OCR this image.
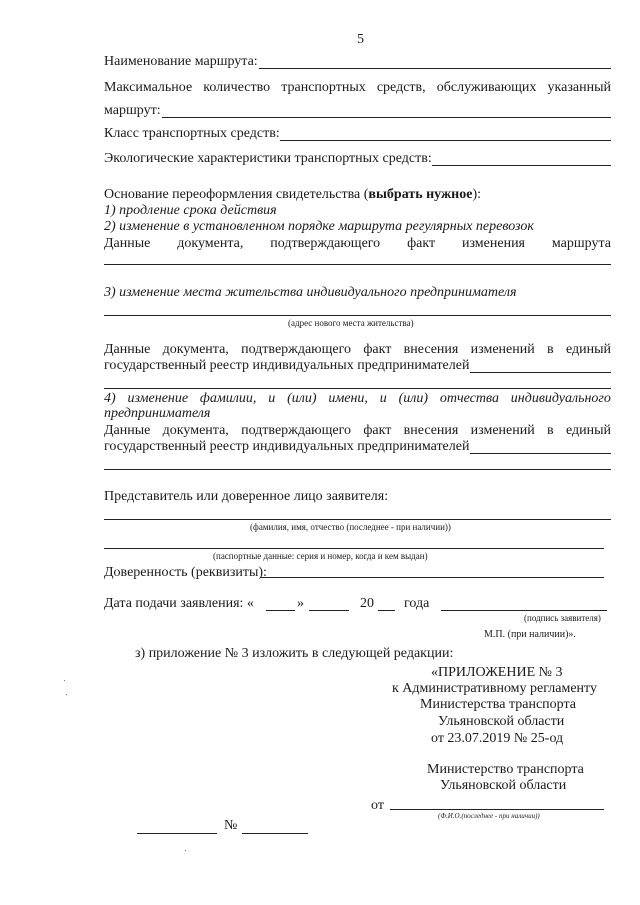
5
Наименование маршрута:
Максимальное количество транспортных средств, обслуживающих указанный
маршрут:
Класс транспортных средств:
Экологические характеристики транспортных средств:
Основание переоформления свидетельства (выбрать нужное):
1) продление срока действия
2) изменение в установленном порядке маршрута регулярных перевозок
Данные документа, подтверждающего факт изменения маршрута
3) изменение места жительства индивидуального предпринимателя
(адрес нового места жительства)
Данные документа, подтверждающего факт внесения изменений в единый
государственный реестр индивидуальных предпринимателей
4) изменение фамилии, и (или) имени, и (или) отчества индивидуального
предпринимателя
Данные документа, подтверждающего факт внесения изменений в единый
государственный реестр индивидуальных предпринимателей
Представитель или доверенное лицо заявителя:
(фамилия, имя, отчество (последнее - при наличии))
(паспортные данные: серия и номер, когда и кем выдан)
Доверенность (реквизиты):
Дата подачи заявления: «	»	20 года
(подпись заявителя)
М.П. (при наличии)».
з) приложение № 3 изложить в следующей редакции:
«ПРИЛОЖЕНИЕ № 3
к Административному регламенту
Министерства транспорта
Ульяновской области
от 23.07.2019 № 25-од
Министерство транспорта
Ульяновской области
от
(Ф.И.О.(последнее - при наличии))
№
